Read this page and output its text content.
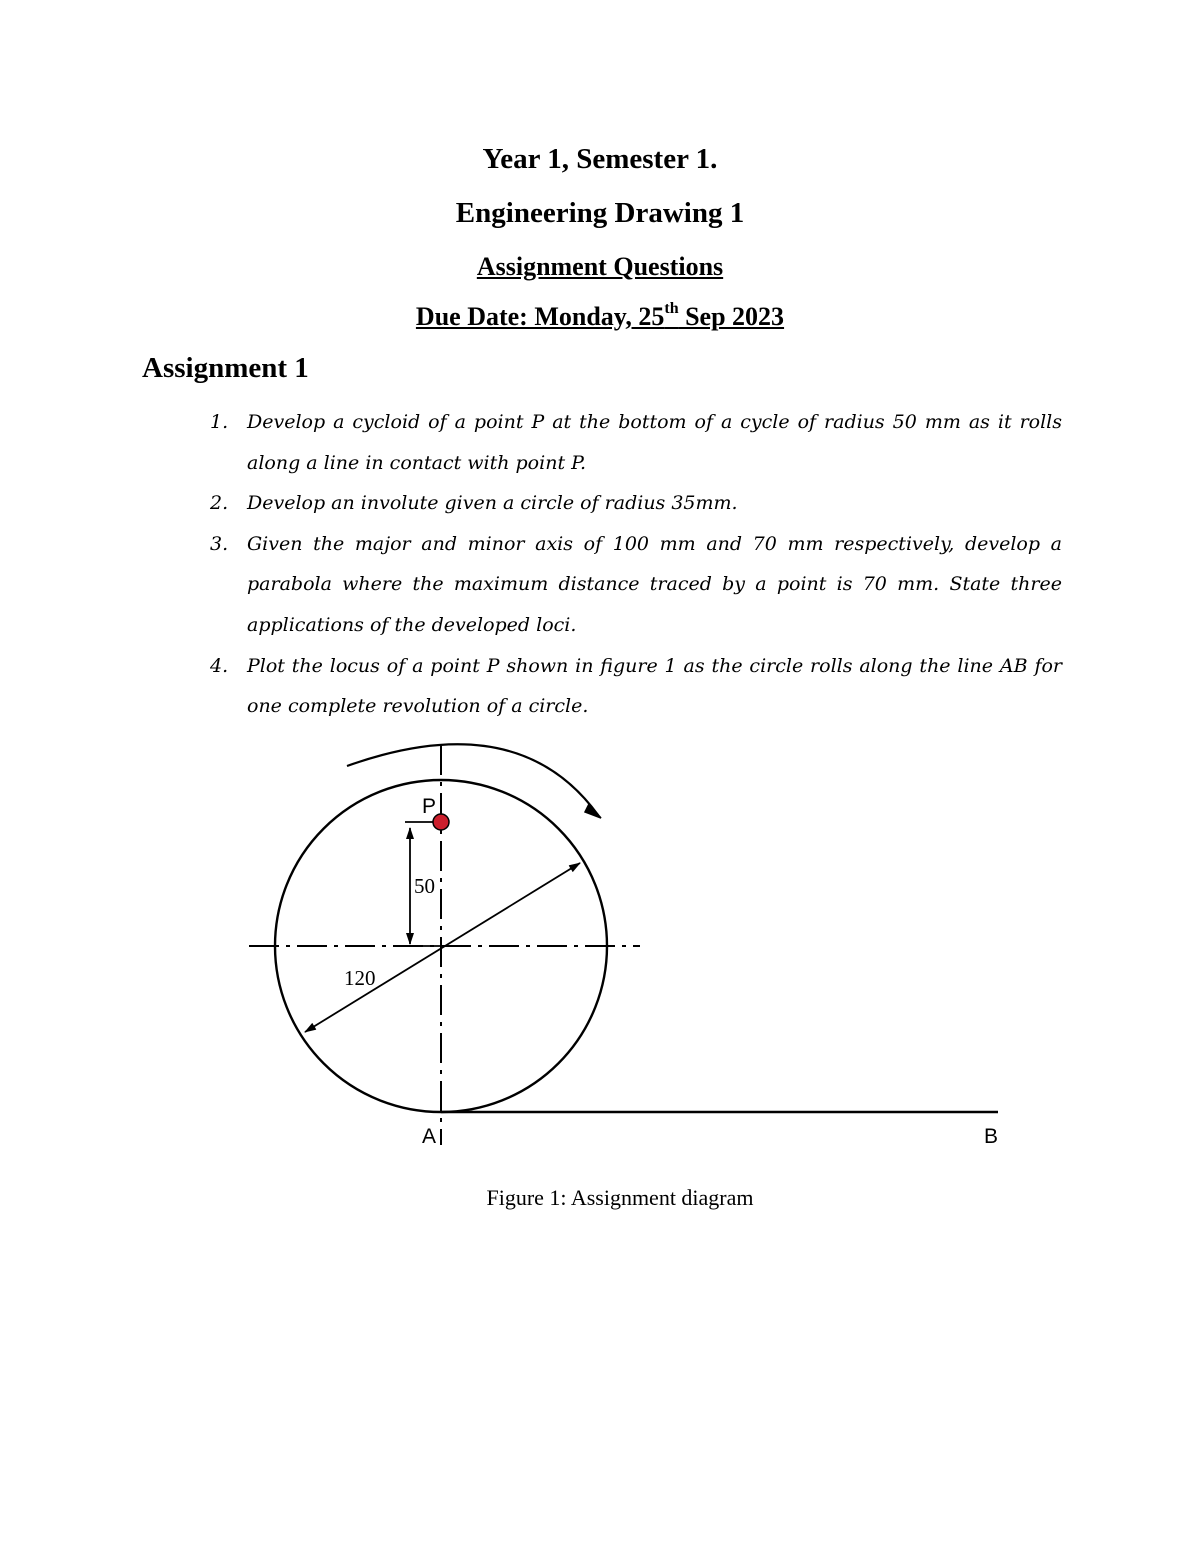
Year 1, Semester 1.
Engineering Drawing 1
Assignment Questions
Due Date: Monday, 25th Sep 2023
Assignment 1
1. Develop a cycloid of a point P at the bottom of a cycle of radius 50 mm as it rolls along a line in contact with point P.
2. Develop an involute given a circle of radius 35mm.
3. Given the major and minor axis of 100 mm and 70 mm respectively, develop a parabola where the maximum distance traced by a point is 70 mm. State three applications of the developed loci.
4. Plot the locus of a point P shown in figure 1 as the circle rolls along the line AB for one complete revolution of a circle.
P
A	B
50
120
Figure 1: Assignment diagram
